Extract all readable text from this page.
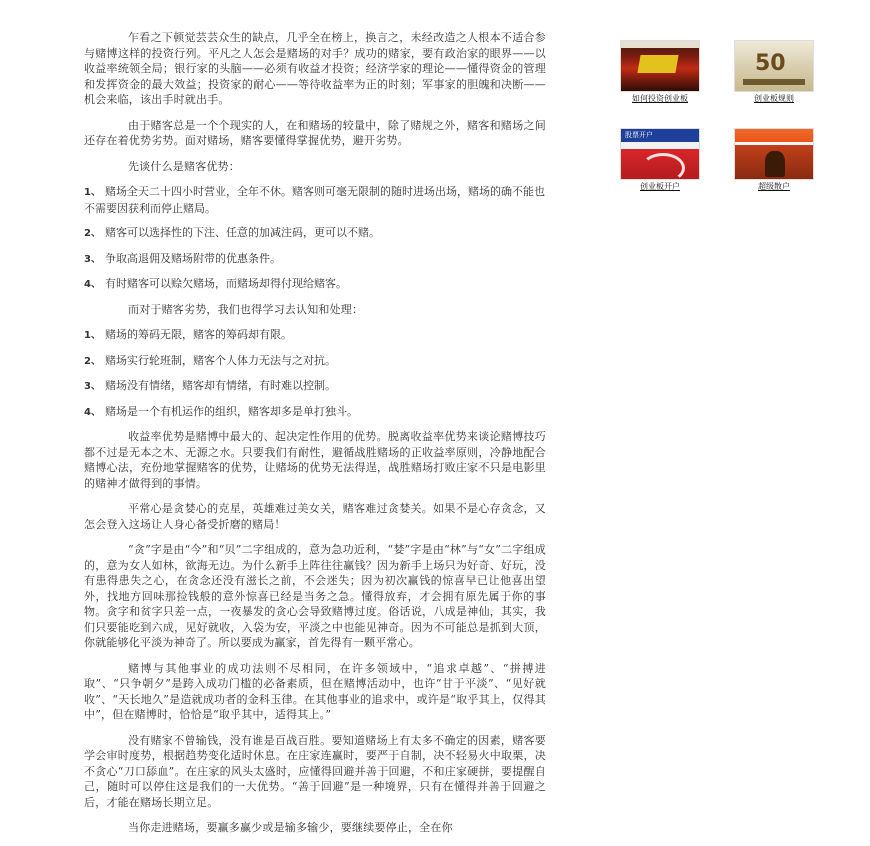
乍看之下顿觉芸芸众生的缺点，几乎全在榜上，换言之，未经改造之人根本不适合参与赌博这样的投资行列。平凡之人怎会是赌场的对手？成功的赌家，要有政治家的眼界——以收益率统领全局；银行家的头脑——必须有收益才投资；经济学家的理论——懂得资金的管理和发挥资金的最大效益；投资家的耐心——等待收益率为正的时刻；军事家的胆魄和决断——机会来临，该出手时就出手。

由于赌客总是一个个现实的人，在和赌场的较量中，除了赌规之外，赌客和赌场之间还存在着优势劣势。面对赌场，赌客要懂得掌握优势，避开劣势。

先谈什么是赌客优势：

1、 赌场全天二十四小时营业，全年不休。赌客则可毫无限制的随时进场出场，赌场的确不能也不需要因获利而停止赌局。

2、 赌客可以选择性的下注、任意的加减注码，更可以不赌。

3、 争取高退佣及赌场附带的优惠条件。

4、 有时赌客可以赊欠赌场，而赌场却得付现给赌客。

而对于赌客劣势，我们也得学习去认知和处理：

1、 赌场的筹码无限，赌客的筹码却有限。

2、 赌场实行轮班制，赌客个人体力无法与之对抗。

3、 赌场没有情绪，赌客却有情绪，有时难以控制。

4、 赌场是一个有机运作的组织，赌客却多是单打独斗。

收益率优势是赌博中最大的、起决定性作用的优势。脱离收益率优势来谈论赌博技巧都不过是无本之木、无源之水。只要我们有耐性，避循战胜赌场的正收益率原则，冷静地配合赌博心法，充份地掌握赌客的优势，让赌场的优势无法得逞，战胜赌场打败庄家不只是电影里的赌神才做得到的事情。

平常心是贪婪心的克星，英雄难过美女关，赌客难过贪婪关。如果不是心存贪念，又怎会登入这场让人身心备受折磨的赌局！

“贪”字是由“今”和“贝”二字组成的，意为急功近利，“婪”字是由“林”与“女”二字组成的，意为女人如林，欲海无边。为什么新手上阵往往赢钱？因为新手上场只为好奇、好玩，没有患得患失之心，在贪念还没有滋长之前，不会迷失；因为初次赢钱的惊喜早已让他喜出望外，找地方回味那捡钱般的意外惊喜已经是当务之急。懂得放弃，才会拥有原先属于你的事物。贪字和贫字只差一点，一夜暴发的贪心会导致赌博过度。俗话说，八成是神仙，其实，我们只要能吃到六成，见好就收，入袋为安，平淡之中也能见神奇。因为不可能总是抓到大顶，你就能够化平淡为神奇了。所以要成为赢家，首先得有一颗平常心。

赌博与其他事业的成功法则不尽相同，在许多领域中，“追求卓越”、“拼搏进取”、“只争朝夕”是跨入成功门槛的必备素质，但在赌博活动中，也许“甘于平淡”、“见好就收”、“天长地久”是造就成功者的金科玉律。在其他事业的追求中，或许是“取乎其上，仅得其中”，但在赌博时，恰恰是“取乎其中，适得其上。”

没有赌家不曾输钱，没有谁是百战百胜。要知道赌场上有太多不确定的因素，赌客要学会审时度势，根据趋势变化适时休息。在庄家连赢时，要严于自制，决不轻易火中取栗，决不贪心“刀口舔血”。在庄家的风头太盛时，应懂得回避并善于回避，不和庄家硬拼，要提醒自己，随时可以停住这是我们的一大优势。“善于回避”是一种境界，只有在懂得并善于回避之后，才能在赌场长期立足。

当你走进赌场，要赢多赢少或是输多输少，要继续要停止，全在你

如何投资创业板
50
创业板规则
股票开户
创业板开户	超级散户
